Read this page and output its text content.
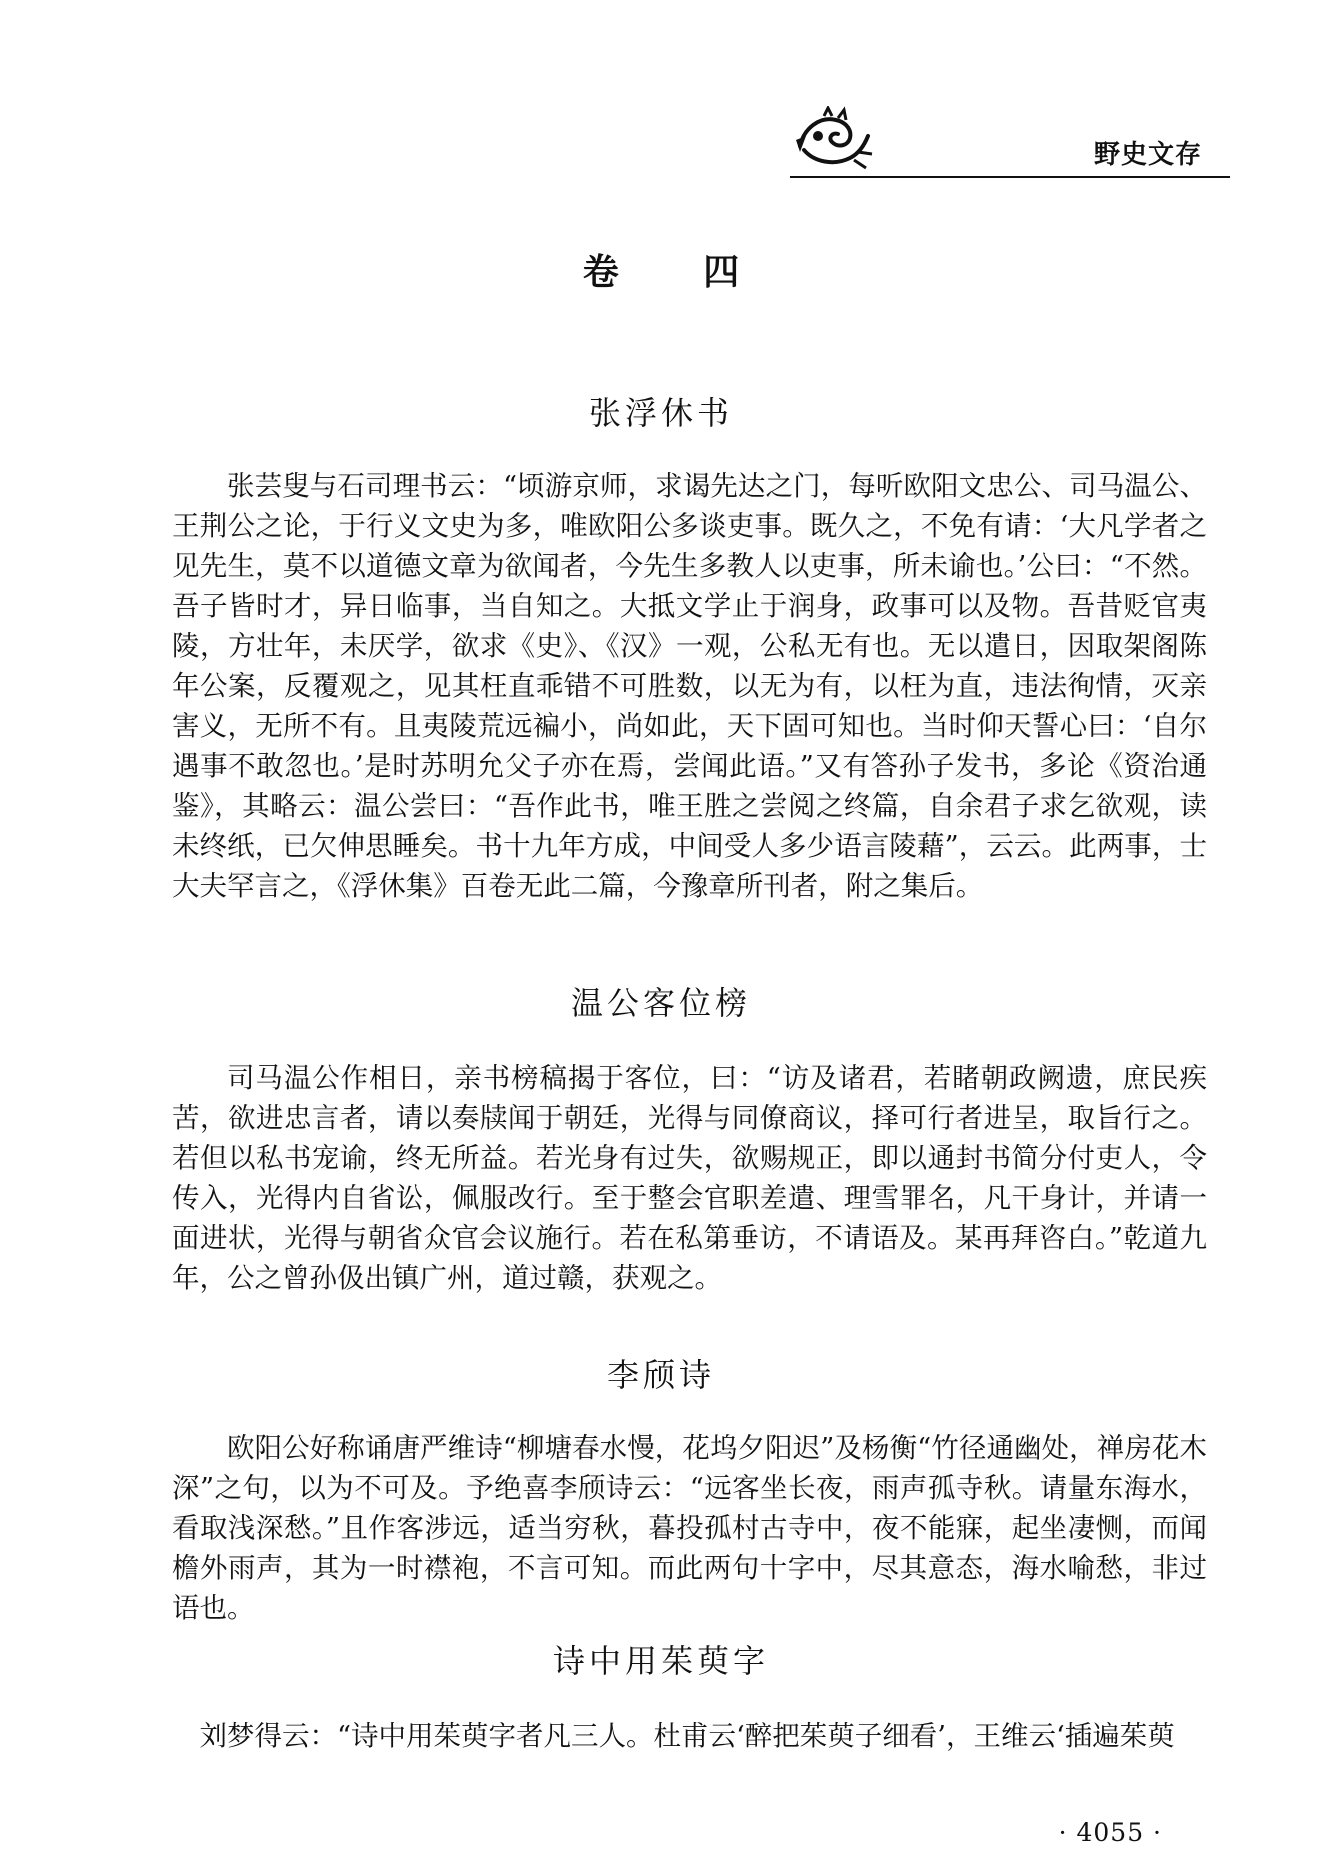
野史文存
卷 四
张浮休书

张芸叟与石司理书云：“顷游京师，求谒先达之门，每听欧阳文忠公、司马温公、王荆公之论，于行义文史为多，唯欧阳公多谈吏事。既久之，不免有请：‘大凡学者之见先生，莫不以道德文章为欲闻者，今先生多教人以吏事，所未谕也。’公曰：“不然。吾子皆时才，异日临事，当自知之。大抵文学止于润身，政事可以及物。吾昔贬官夷陵，方壮年，未厌学，欲求《史》、《汉》一观，公私无有也。无以遣日，因取架阁陈年公案，反覆观之，见其枉直乖错不可胜数，以无为有，以枉为直，违法徇情，灭亲害义，无所不有。且夷陵荒远褊小，尚如此，天下固可知也。当时仰天誓心曰：‘自尔遇事不敢忽也。’是时苏明允父子亦在焉，尝闻此语。”又有答孙子发书，多论《资治通鉴》，其略云：温公尝曰：“吾作此书，唯王胜之尝阅之终篇，自余君子求乞欲观，读未终纸，已欠伸思睡矣。书十九年方成，中间受人多少语言陵藉”，云云。此两事，士大夫罕言之，《浮休集》百卷无此二篇，今豫章所刊者，附之集后。

温公客位榜

司马温公作相日，亲书榜稿揭于客位，曰：“访及诸君，若睹朝政阙遗，庶民疾苦，欲进忠言者，请以奏牍闻于朝廷，光得与同僚商议，择可行者进呈，取旨行之。若但以私书宠谕，终无所益。若光身有过失，欲赐规正，即以通封书简分付吏人，令传入，光得内自省讼，佩服改行。至于整会官职差遣、理雪罪名，凡干身计，并请一面进状，光得与朝省众官会议施行。若在私第垂访，不请语及。某再拜咨白。”乾道九年，公之曾孙伋出镇广州，道过赣，获观之。

李颀诗

欧阳公好称诵唐严维诗“柳塘春水慢，花坞夕阳迟”及杨衡“竹径通幽处，禅房花木深”之句，以为不可及。予绝喜李颀诗云：“远客坐长夜，雨声孤寺秋。请量东海水，看取浅深愁。”且作客涉远，适当穷秋，暮投孤村古寺中，夜不能寐，起坐凄恻，而闻檐外雨声，其为一时襟袍，不言可知。而此两句十字中，尽其意态，海水喻愁，非过语也。

诗中用茱萸字

刘梦得云：“诗中用茱萸字者凡三人。杜甫云‘醉把茱萸子细看’，王维云‘插遍茱萸

· 4055 ·
